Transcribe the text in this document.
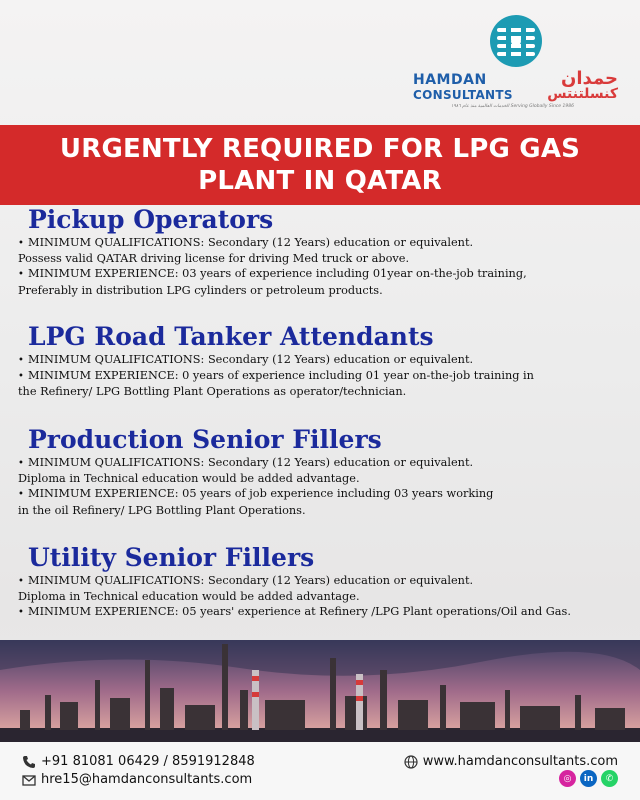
HAMDAN	حمدان
CONSULTANTS كنسلتنتس
الخدمات العالمية منذ عام ١٩٨٦ Serving Globally Since 1986
URGENTLY REQUIRED FOR LPG GAS PLANT IN QATAR
Pickup Operators
• MINIMUM QUALIFICATIONS: Secondary (12 Years) education or equivalent.
Possess valid QATAR driving license for driving Med truck or above.
• MINIMUM EXPERIENCE: 03 years of experience including 01year on-the-job training,
Preferably in distribution LPG cylinders or petroleum products.
LPG Road Tanker Attendants
• MINIMUM QUALIFICATIONS: Secondary (12 Years) education or equivalent.
• MINIMUM EXPERIENCE: 0 years of experience including 01 year on-the-job training in
the Refinery/ LPG Bottling Plant Operations as operator/technician.
Production Senior Fillers
• MINIMUM QUALIFICATIONS: Secondary (12 Years) education or equivalent.
Diploma in Technical education would be added advantage.
• MINIMUM EXPERIENCE: 05 years of job experience including 03 years working
in the oil Refinery/ LPG Bottling Plant Operations.
Utility Senior Fillers
• MINIMUM QUALIFICATIONS: Secondary (12 Years) education or equivalent.
Diploma in Technical education would be added advantage.
• MINIMUM EXPERIENCE: 05 years' experience at Refinery /LPG Plant operations/Oil and Gas.
+91 81081 06429 / 8591912848
hre15@hamdanconsultants.com
www.hamdanconsultants.com
◎	in	✆
